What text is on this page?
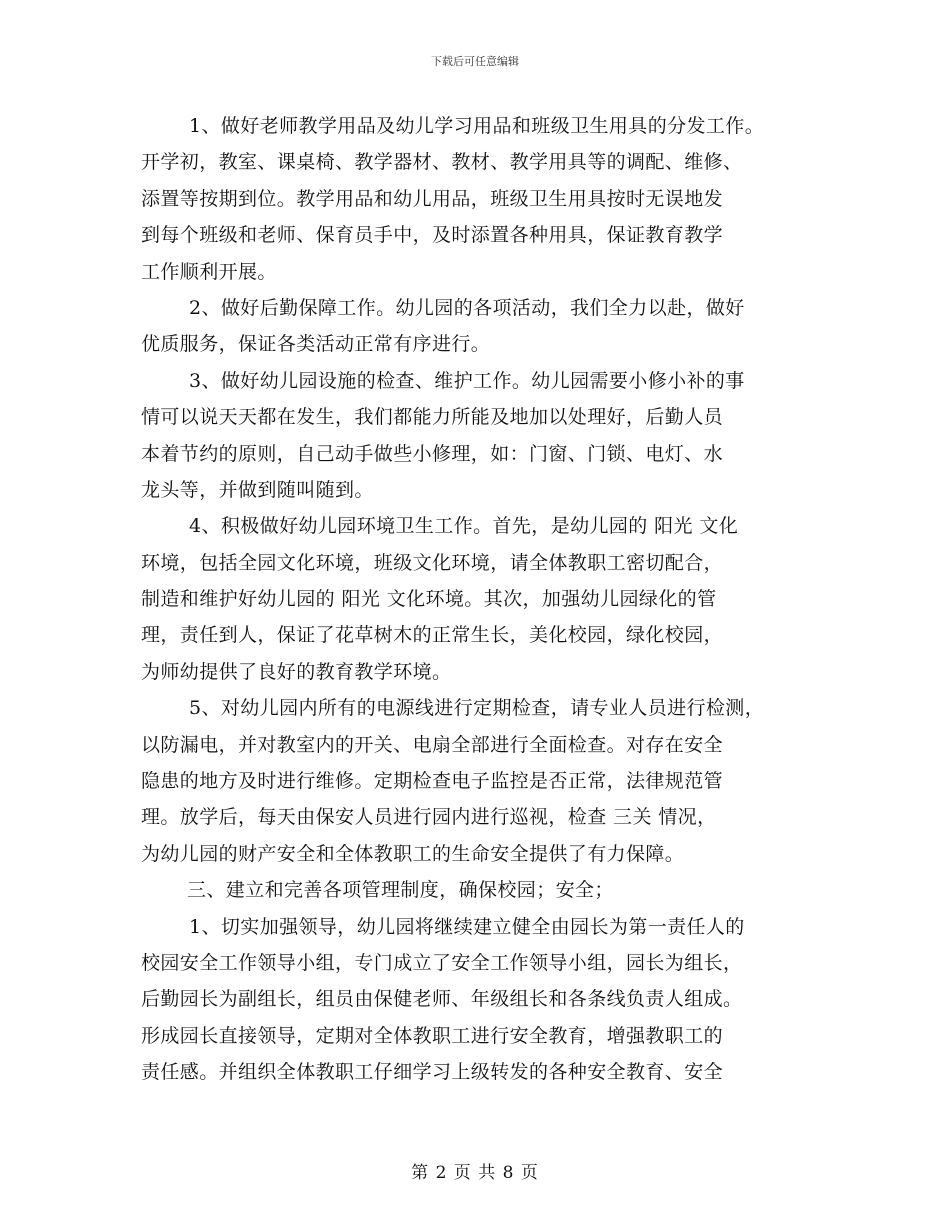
下载后可任意编辑
1、做好老师教学用品及幼儿学习用品和班级卫生用具的分发工作。
开学初，教室、课桌椅、教学器材、教材、教学用具等的调配、维修、
添置等按期到位。教学用品和幼儿用品，班级卫生用具按时无误地发
到每个班级和老师、保育员手中，及时添置各种用具，保证教育教学
工作顺利开展。
2、做好后勤保障工作。幼儿园的各项活动，我们全力以赴，做好
优质服务，保证各类活动正常有序进行。
3、做好幼儿园设施的检查、维护工作。幼儿园需要小修小补的事
情可以说天天都在发生，我们都能力所能及地加以处理好，后勤人员
本着节约的原则，自己动手做些小修理，如：门窗、门锁、电灯、水
龙头等，并做到随叫随到。
4、积极做好幼儿园环境卫生工作。首先，是幼儿园的 阳光 文化
环境，包括全园文化环境，班级文化环境，请全体教职工密切配合，
制造和维护好幼儿园的 阳光 文化环境。其次，加强幼儿园绿化的管
理，责任到人，保证了花草树木的正常生长，美化校园，绿化校园，
为师幼提供了良好的教育教学环境。
5、对幼儿园内所有的电源线进行定期检查，请专业人员进行检测，
以防漏电，并对教室内的开关、电扇全部进行全面检查。对存在安全
隐患的地方及时进行维修。定期检查电子监控是否正常，法律规范管
理。放学后，每天由保安人员进行园内进行巡视，检查 三关 情况，
为幼儿园的财产安全和全体教职工的生命安全提供了有力保障。
三、建立和完善各项管理制度，确保校园；安全；
1、切实加强领导，幼儿园将继续建立健全由园长为第一责任人的
校园安全工作领导小组，专门成立了安全工作领导小组，园长为组长，
后勤园长为副组长，组员由保健老师、年级组长和各条线负责人组成。
形成园长直接领导，定期对全体教职工进行安全教育，增强教职工的
责任感。并组织全体教职工仔细学习上级转发的各种安全教育、安全
第 2 页 共 8 页
